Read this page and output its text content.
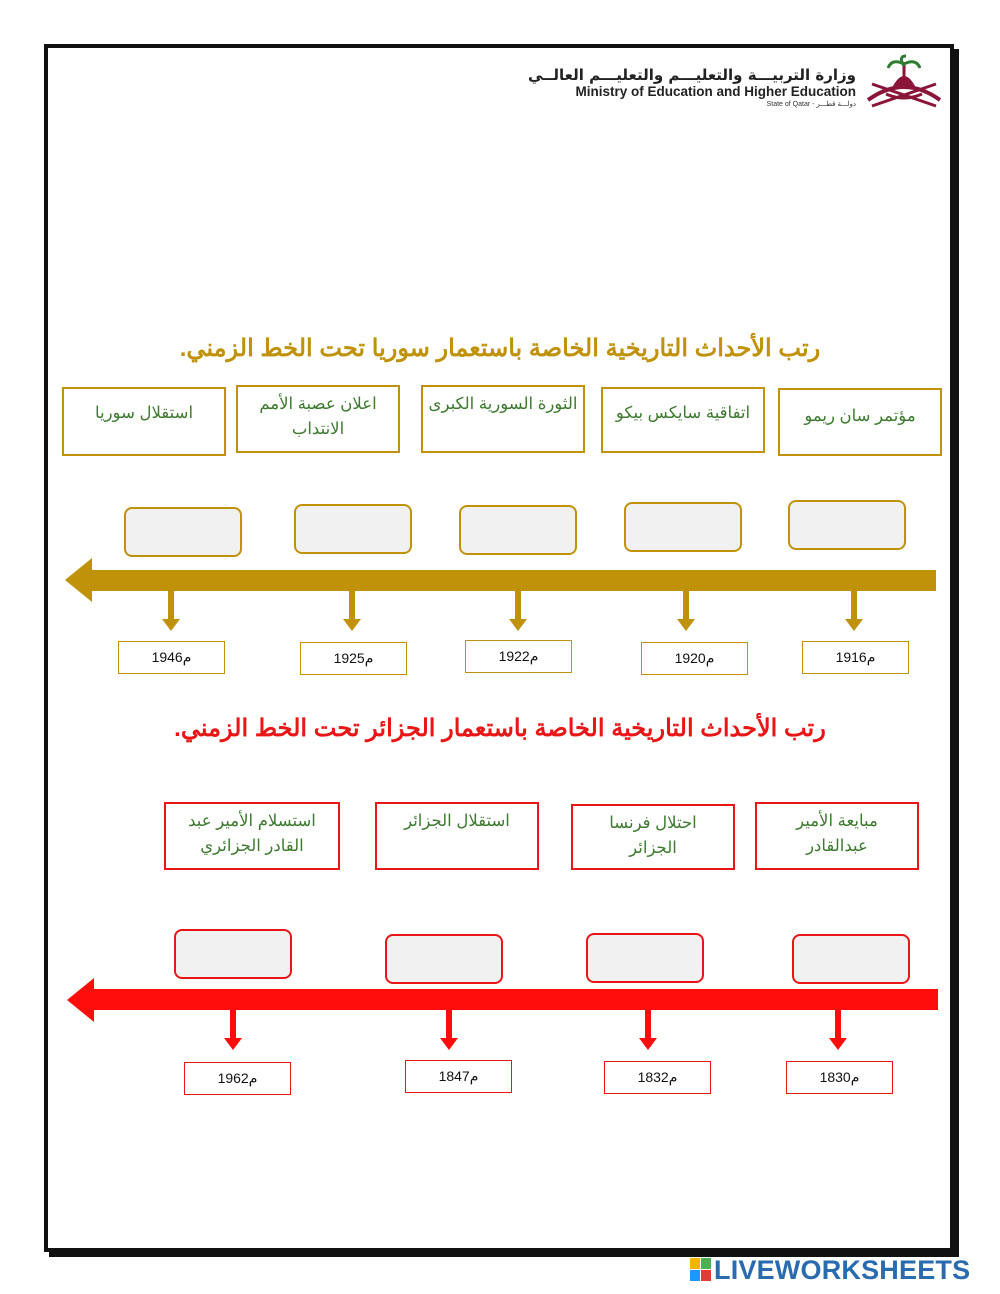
وزارة التربيـــة والتعليـــم والتعليـــم العالــي
Ministry of Education and Higher Education
State of Qatar - دولـــة قطـــر
رتب الأحداث التاريخية الخاصة باستعمار سوريا تحت الخط الزمني.
مؤتمر سان ريمو
اتفاقية سايكس بيكو
الثورة السورية الكبرى
اعلان عصبة الأمم الانتداب
استقلال سوريا
1916م
1920م
1922م
1925م
1946م
رتب الأحداث التاريخية الخاصة باستعمار الجزائر تحت الخط الزمني.
مبايعة الأمير عبدالقادر
احتلال فرنسا الجزائر
استقلال الجزائر
استسلام الأمير عبد القادر الجزائري
1830م
1832م
1847م
1962م
LIVEWORKSHEETS
